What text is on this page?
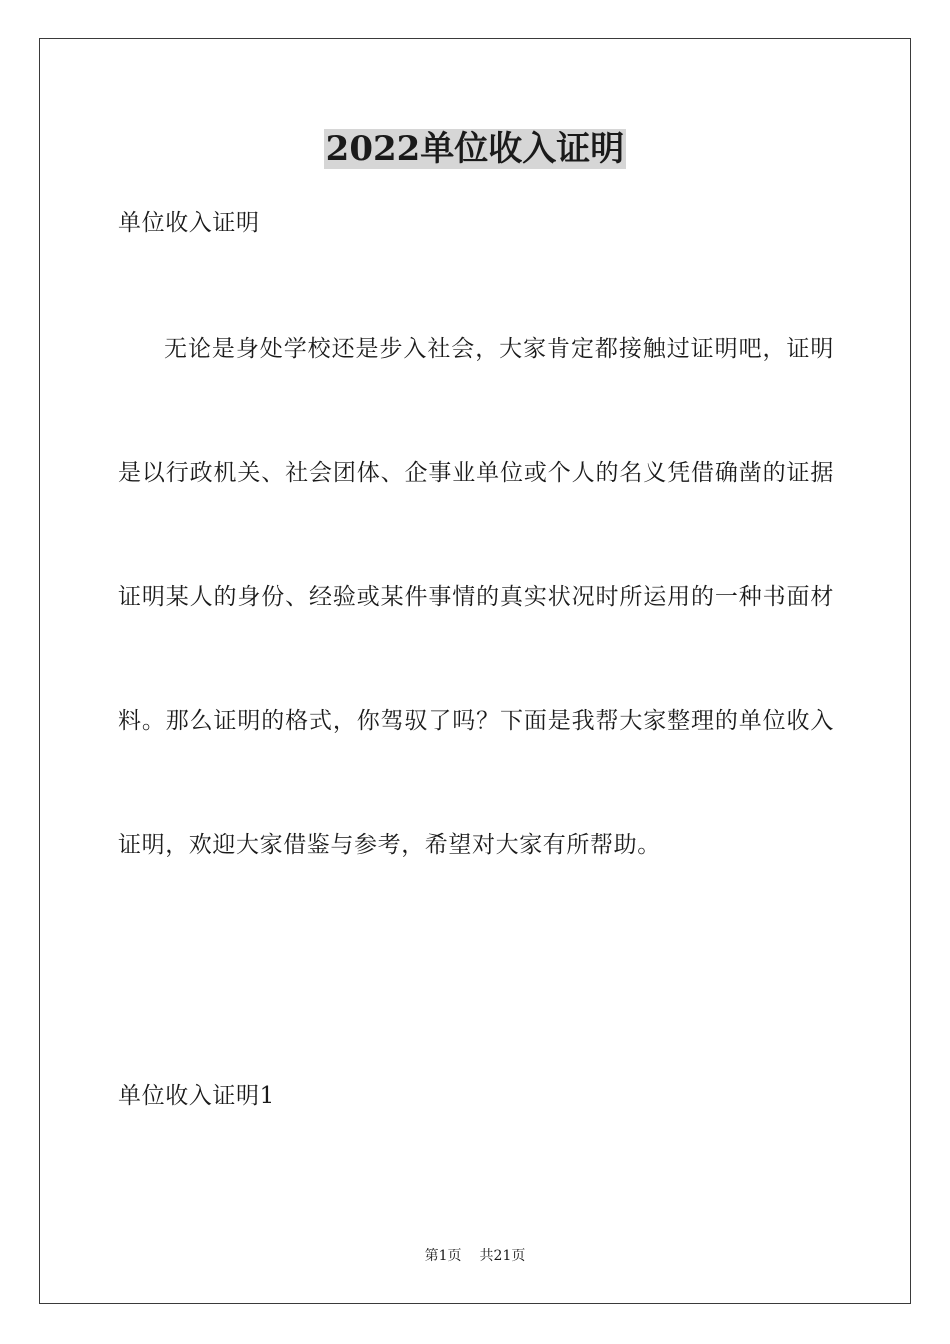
2022单位收入证明

单位收入证明

无论是身处学校还是步入社会，大家肯定都接触过证明吧，证明

是以行政机关、社会团体、企事业单位或个人的名义凭借确凿的证据

证明某人的身份、经验或某件事情的真实状况时所运用的一种书面材

料。那么证明的格式，你驾驭了吗？下面是我帮大家整理的单位收入

证明，欢迎大家借鉴与参考，希望对大家有所帮助。

单位收入证明1

第1页 共21页
